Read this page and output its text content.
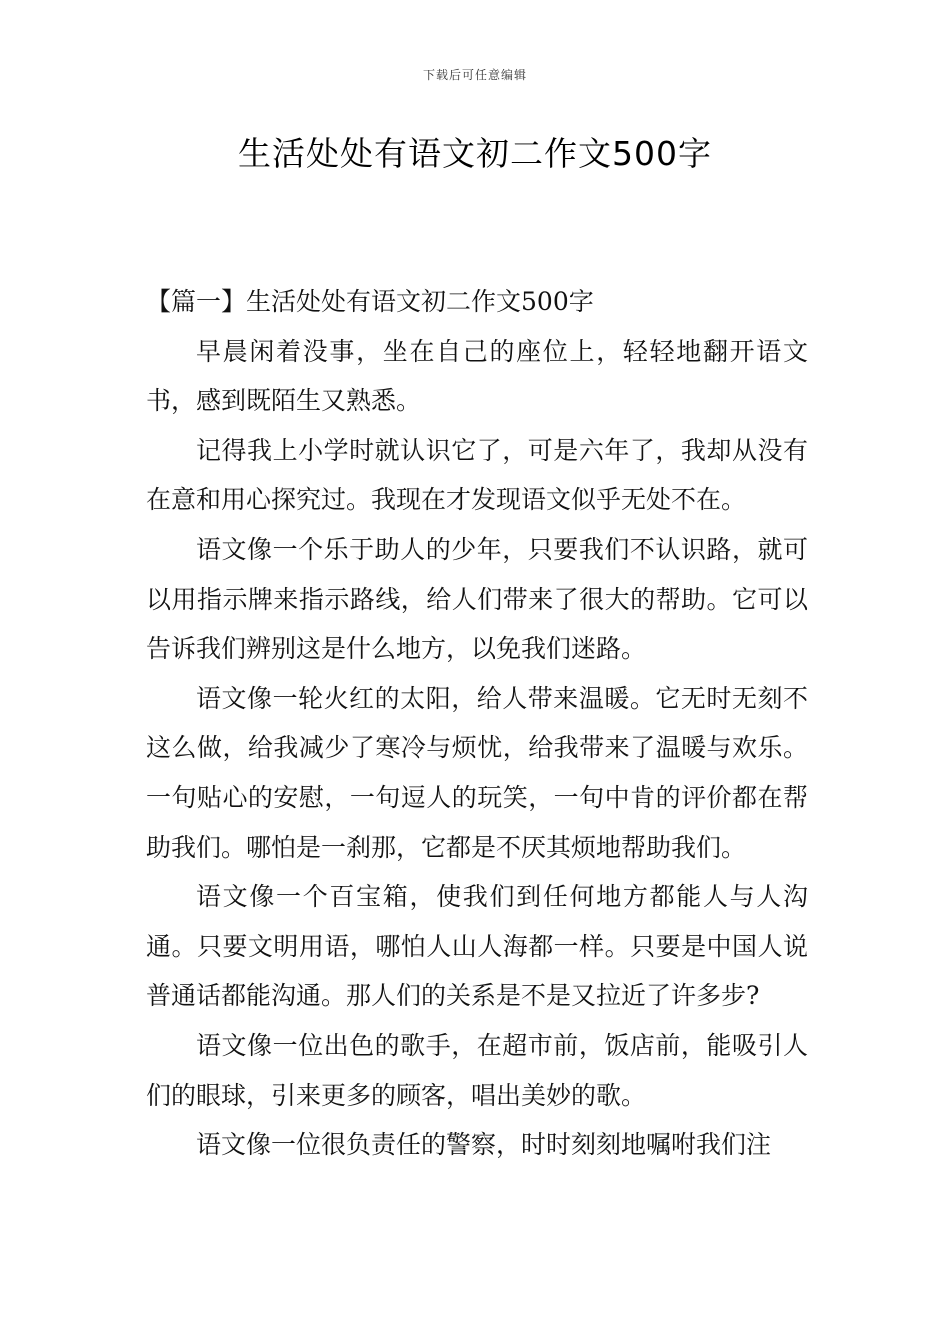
下载后可任意编辑
生活处处有语文初二作文500字

【篇一】生活处处有语文初二作文500字

早晨闲着没事，坐在自己的座位上，轻轻地翻开语文书，感到既陌生又熟悉。

记得我上小学时就认识它了，可是六年了，我却从没有在意和用心探究过。我现在才发现语文似乎无处不在。

语文像一个乐于助人的少年，只要我们不认识路，就可以用指示牌来指示路线，给人们带来了很大的帮助。它可以告诉我们辨别这是什么地方，以免我们迷路。

语文像一轮火红的太阳，给人带来温暖。它无时无刻不这么做，给我减少了寒冷与烦忧，给我带来了温暖与欢乐。一句贴心的安慰，一句逗人的玩笑，一句中肯的评价都在帮助我们。哪怕是一刹那，它都是不厌其烦地帮助我们。

语文像一个百宝箱，使我们到任何地方都能人与人沟通。只要文明用语，哪怕人山人海都一样。只要是中国人说普通话都能沟通。那人们的关系是不是又拉近了许多步?

语文像一位出色的歌手，在超市前，饭店前，能吸引人们的眼球，引来更多的顾客，唱出美妙的歌。

语文像一位很负责任的警察，时时刻刻地嘱咐我们注
